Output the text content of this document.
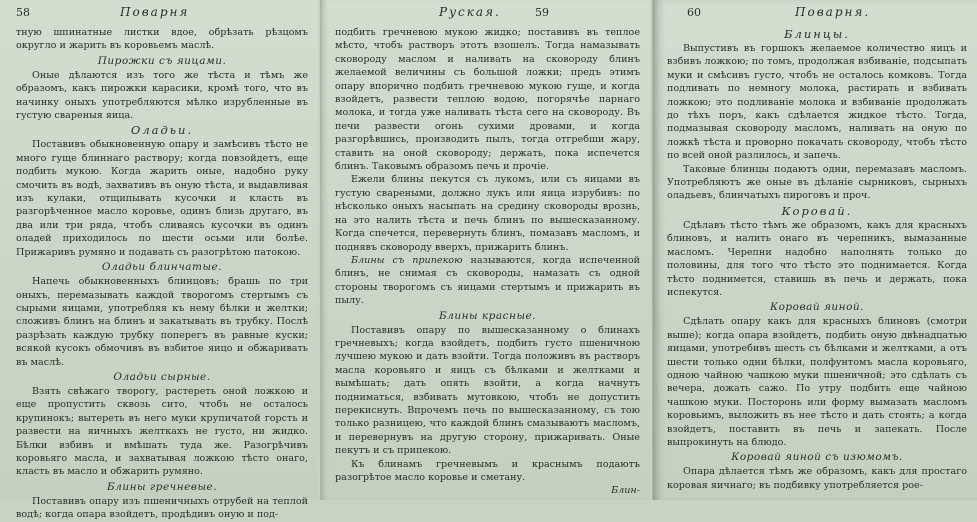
58	Поварня

тную шпинатные листки вдое, обрѣзать рѣзцомъ округло и жарить въ коровьемъ маслѣ.

Пирожки съ яицами.

Оные дѣлаются изъ того же тѣста и тѣмъ же образомъ, какъ пирожки карасики, кромѣ того, что въ начинку оныхъ употребляются мѣлко изрубленные въ густую свареныя яица.

Оладьи.

Поставивъ обыкновенную опару и замѣсивъ тѣсто не много гуще блиннаго раствору; когда повзойдетъ, еще подбить мукою. Когда жарить оные, надобно руку смочить въ водѣ, захвативъ въ оную тѣста, и выдавливая изъ кулаки, отщипывать кусочки и класть въ разгорѣченное масло коровье, одинъ близь другаго, въ два или три ряда, чтобъ сливаясь кусочки въ одинъ оладей приходилось по шести осьми или болѣе. Прижаривъ румяно и подавать съ разогрѣтою патокою.

Оладьи блинчатые.

Напечь обыкновенныхъ блинцовъ; брашь по три оныхъ, перемазывать каждой творогомъ стертымъ съ сырыми яицами, употребляя къ нему бѣлки и желтки; сложивъ блинъ на блинъ и закатывать въ трубку. Послѣ разрѣзать каждую трубку поперегъ въ равные куски; всякой кусокъ обмочивъ въ взбитое яицо и обжаривать въ маслѣ.

Оладьи сырные.

Взять свѣжаго творогу, растереть оной ложкою и еще пропустить сквозь сито, чтобъ не осталось крупинокъ; вытереть въ него муки крупичатой горсть и развести на яичныхъ желткахъ не густо, ни жидко. Бѣлки взбивъ и вмѣшать туда же. Разогрѣчивъ коровьяго масла, и захватывая ложкою тѣсто онаго, класть въ масло и обжарить румяно.

Блины гречневые.

Поставивъ опару изъ пшеничныхъ отрубей на теплой водѣ; когда опара взойдетъ, продѣдивъ оную и под-

Руская.	59

подбить гречневою мукою жидко; поставивъ въ теплое мѣсто, чтобъ растворъ этотъ взошелъ. Тогда намазывать сковороду маслом и наливать на сковороду блинъ желаемой величины съ большой ложки; предъ этимъ опару впорично подбить гречневою мукою гуще, и когда взойдетъ, развести теплою водою, погорячѣе парнаго молока, и тогда уже наливать тѣста сего на сковороду. Въ печи развести огонь сухими дровами, и когда разгорѣвшись, производить пылъ, тогда отгребши жару, ставить на оной сковороду; держать, пока испечется блинъ. Таковымъ образомъ печь и прочіе.

Ежели блины пекутся съ лукомъ, или съ яицами въ густую свареными, должно лукъ или яица изрубивъ: по нѣсколько оныхъ насыпать на средину сковороды врознь, на это налить тѣста и печь блинъ по вышесказанному. Когда спечется, перевернуть блинъ, помазавъ масломъ, и поднявъ сковороду вверхъ, прижарить блинъ.

Блины съ припекою называются, когда испеченной блинъ, не снимая съ сковороды, намазать съ одной стороны творогомъ съ яицами стертымъ и прижарить въ пылу.

Блины красные.

Поставивъ опару по вышесказанному о блинахъ гречневыхъ; когда взойдетъ, подбить густо пшеничною лучшею мукою и дать взойти. Тогда положивъ въ растворъ масла коровьяго и яицъ съ бѣлками и желтками и вымѣшать; дать опять взойти, а когда начнутъ подниматься, взбивать мутовкою, чтобъ не допустить перекиснуть. Впрочемъ печь по вышесказанному, съ тою только разницею, что каждой блинъ смазываютъ масломъ, и перевернувъ на другую сторону, прижаривать. Оные пекутъ и съ припекою.

Къ блинамъ гречневымъ и краснымъ подаютъ разогрѣтое масло коровье и сметану.

Блин-
60	Поварня.
Блинцы.

Выпустивъ въ горшокъ желаемое количество яицъ и взбивъ ложкою; по томъ, продолжая взбиваніе, подсыпать муки и смѣсивъ густо, чтобъ не осталось комковъ. Тогда подливать по немногу молока, растирать и взбивать ложкою; это подливаніе молока и взбиваніе продолжать до тѣхъ поръ, какъ сдѣлается жидкое тѣсто. Тогда, подмазывая сковороду масломъ, наливать на оную по ложкѣ тѣста и проворно покачать сковороду, чтобъ тѣсто по всей оной разлилось, и запечь.

Таковые блинцы подаютъ одни, перемазавъ масломъ. Употребляютъ же оные въ дѣланіе сырниковъ, сырныхъ оладьевъ, блинчатыхъ пироговъ и проч.

Коровай.

Сдѣлавъ тѣсто тѣмъ же образомъ, какъ для красныхъ блиновъ, и налить онаго въ черепникъ, вымазанные масломъ. Черепни надобно наполнять только до половины, для того что тѣсто это поднимается. Когда тѣсто поднимется, ставишь въ печь и держать, пока испекутся.

Коровай яиной.

Сдѣлать опару какъ для красныхъ блиновъ (смотри выше); когда опара взойдетъ, подбить оную двѣнадцатью яицами, употребивъ шесть съ бѣлками и желтками, а отъ шести только одни бѣлки, полфунтомъ масла коровьяго, одною чайною чашкою муки пшеничной; это сдѣлать съ вечера, дожать сажо. По утру подбить еще чайною чашкою муки. Посторонь или форму вымазать масломъ коровьимъ, выложить въ нее тѣсто и дать стоять; а когда взойдетъ, поставить въ печь и запекать. После выпрокинуть на блюдо.

Коровай яиной съ изюмомъ.

Опара дѣлается тѣмъ же образомъ, какъ для простаго коровая яичнаго; въ подбивку употребляется рое-
